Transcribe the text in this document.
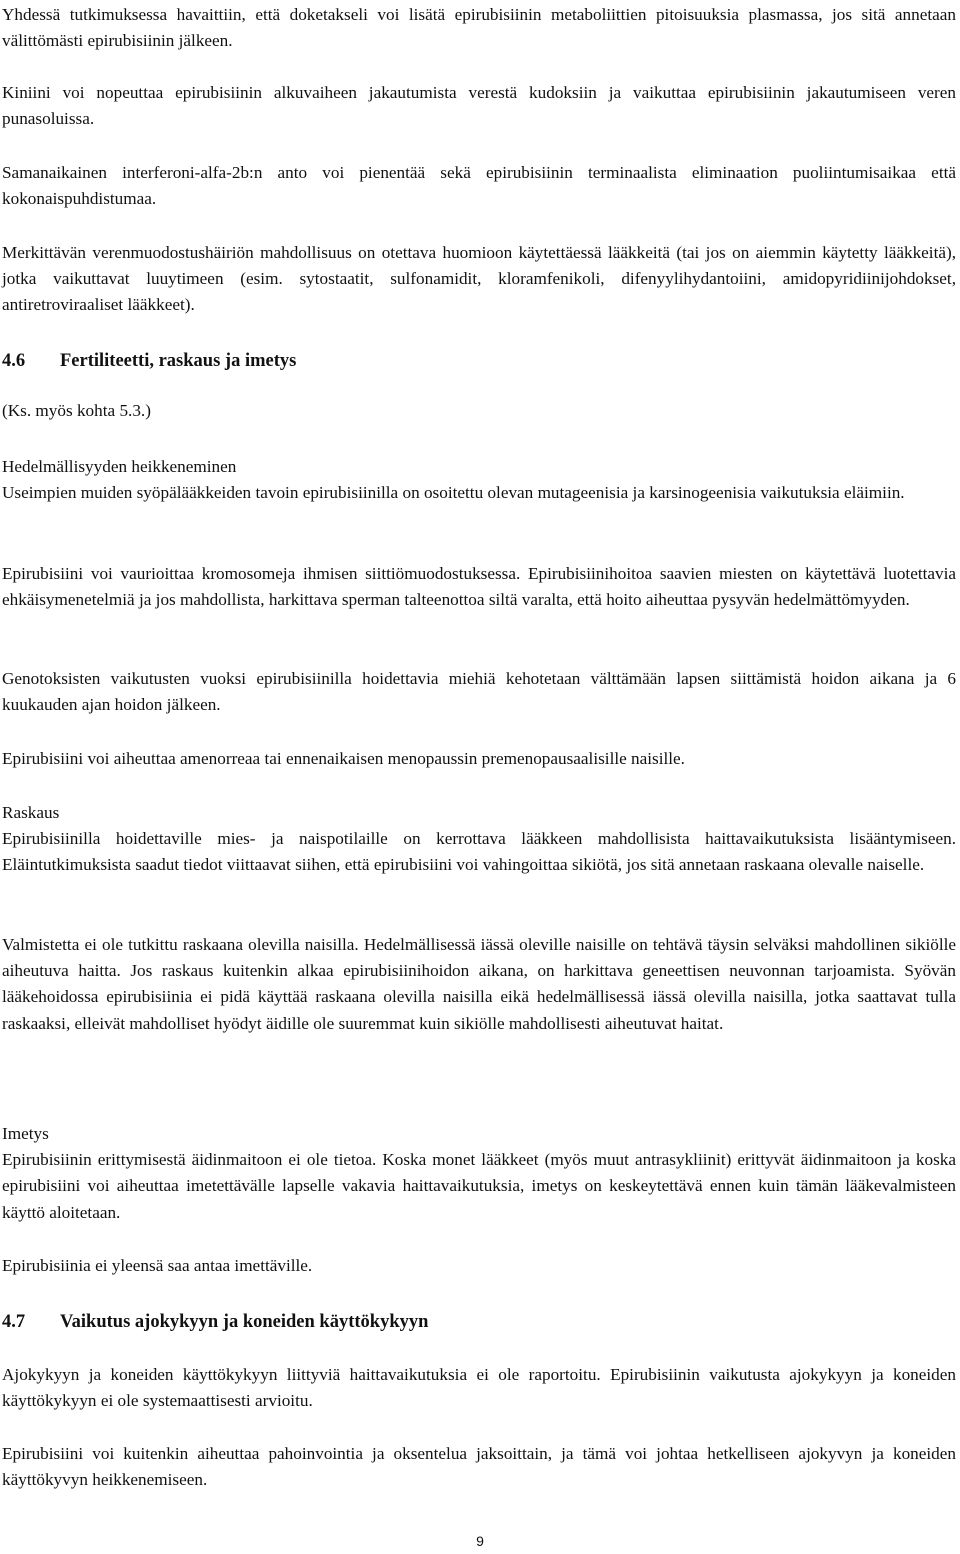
Yhdessä tutkimuksessa havaittiin, että doketakseli voi lisätä epirubisiinin metaboliittien pitoisuuksia plasmassa, jos sitä annetaan välittömästi epirubisiinin jälkeen.

Kiniini voi nopeuttaa epirubisiinin alkuvaiheen jakautumista verestä kudoksiin ja vaikuttaa epirubisiinin jakautumiseen veren punasoluissa.

Samanaikainen interferoni-alfa-2b:n anto voi pienentää sekä epirubisiinin terminaalista eliminaation puoliintumisaikaa että kokonaispuhdistumaa.

Merkittävän verenmuodostushäiriön mahdollisuus on otettava huomioon käytettäessä lääkkeitä (tai jos on aiemmin käytetty lääkkeitä), jotka vaikuttavat luuytimeen (esim. sytostaatit, sulfonamidit, kloramfenikoli, difenyylihydantoiini, amidopyridiinijohdokset, antiretroviraaliset lääkkeet).

4.6 Fertiliteetti, raskaus ja imetys

(Ks. myös kohta 5.3.)

Hedelmällisyyden heikkeneminen

Useimpien muiden syöpälääkkeiden tavoin epirubisiinilla on osoitettu olevan mutageenisia ja karsinogeenisia vaikutuksia eläimiin.

Epirubisiini voi vaurioittaa kromosomeja ihmisen siittiömuodostuksessa. Epirubisiinihoitoa saavien miesten on käytettävä luotettavia ehkäisymenetelmiä ja jos mahdollista, harkittava sperman talteenottoa siltä varalta, että hoito aiheuttaa pysyvän hedelmättömyyden.

Genotoksisten vaikutusten vuoksi epirubisiinilla hoidettavia miehiä kehotetaan välttämään lapsen siittämistä hoidon aikana ja 6 kuukauden ajan hoidon jälkeen.

Epirubisiini voi aiheuttaa amenorreaa tai ennenaikaisen menopaussin premenopausaalisille naisille.

Raskaus

Epirubisiinilla hoidettaville mies- ja naispotilaille on kerrottava lääkkeen mahdollisista haittavaikutuksista lisääntymiseen. Eläintutkimuksista saadut tiedot viittaavat siihen, että epirubisiini voi vahingoittaa sikiötä, jos sitä annetaan raskaana olevalle naiselle.

Valmistetta ei ole tutkittu raskaana olevilla naisilla. Hedelmällisessä iässä oleville naisille on tehtävä täysin selväksi mahdollinen sikiölle aiheutuva haitta. Jos raskaus kuitenkin alkaa epirubisiinihoidon aikana, on harkittava geneettisen neuvonnan tarjoamista. Syövän lääkehoidossa epirubisiinia ei pidä käyttää raskaana olevilla naisilla eikä hedelmällisessä iässä olevilla naisilla, jotka saattavat tulla raskaaksi, elleivät mahdolliset hyödyt äidille ole suuremmat kuin sikiölle mahdollisesti aiheutuvat haitat.

Imetys

Epirubisiinin erittymisestä äidinmaitoon ei ole tietoa. Koska monet lääkkeet (myös muut antrasykliinit) erittyvät äidinmaitoon ja koska epirubisiini voi aiheuttaa imetettävälle lapselle vakavia haittavaikutuksia, imetys on keskeytettävä ennen kuin tämän lääkevalmisteen käyttö aloitetaan.

Epirubisiinia ei yleensä saa antaa imettäville.

4.7 Vaikutus ajokykyyn ja koneiden käyttökykyyn

Ajokykyyn ja koneiden käyttökykyyn liittyviä haittavaikutuksia ei ole raportoitu. Epirubisiinin vaikutusta ajokykyyn ja koneiden käyttökykyyn ei ole systemaattisesti arvioitu.

Epirubisiini voi kuitenkin aiheuttaa pahoinvointia ja oksentelua jaksoittain, ja tämä voi johtaa hetkelliseen ajokyvyn ja koneiden käyttökyvyn heikkenemiseen.

9
